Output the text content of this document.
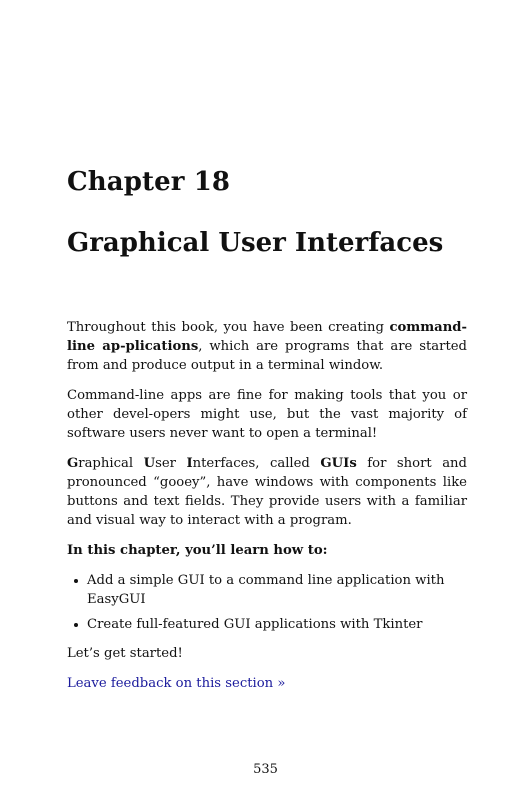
Chapter 18
Graphical User Interfaces

Throughout this book, you have been creating command-line ap-plications, which are programs that are started from and produce output in a terminal window.

Command-line apps are fine for making tools that you or other devel-opers might use, but the vast majority of software users never want to open a terminal!

Graphical User Interfaces, called GUIs for short and pronounced “gooey”, have windows with components like buttons and text fields. They provide users with a familiar and visual way to interact with a program.

In this chapter, you’ll learn how to:

Add a simple GUI to a command line application with EasyGUI
Create full-featured GUI applications with Tkinter

Let’s get started!

Leave feedback on this section »

535
